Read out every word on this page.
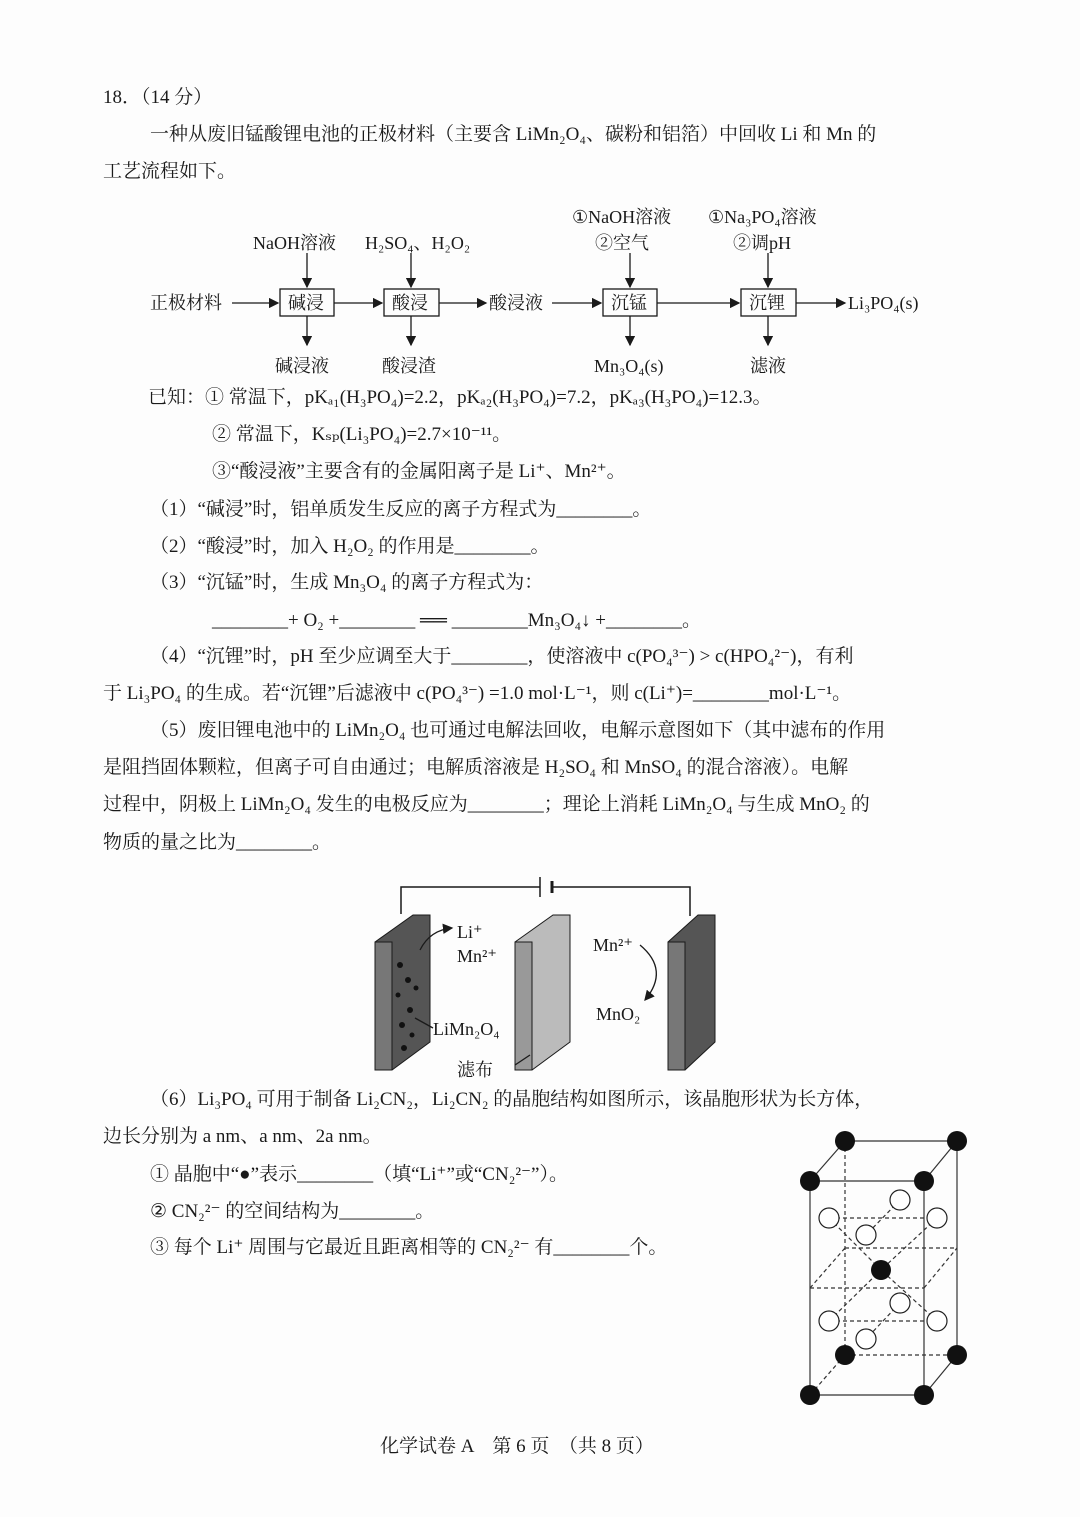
18．（14 分）
一种从废旧锰酸锂电池的正极材料（主要含 LiMn₂O₄、碳粉和铝箔）中回收 Li 和 Mn 的
工艺流程如下。
正极材料	碱浸	酸浸	酸浸液	沉锰	沉锂	Li₃PO₄(s)
NaOH溶液 H₂SO₄、H₂O₂
①NaOH溶液
②空气
①Na₃PO₄溶液
②调pH
碱浸液	酸浸渣	Mn₃O₄(s)	滤液
已知：① 常温下，pKₐ₁(H₃PO₄)=2.2，pKₐ₂(H₃PO₄)=7.2，pKₐ₃(H₃PO₄)=12.3。
② 常温下，Kₛₚ(Li₃PO₄)=2.7×10⁻¹¹。
③“酸浸液”主要含有的金属阳离子是 Li⁺、Mn²⁺。
（1）“碱浸”时，铝单质发生反应的离子方程式为________。
（2）“酸浸”时，加入 H₂O₂ 的作用是________。
（3）“沉锰”时，生成 Mn₃O₄ 的离子方程式为：
________+ O₂ +________ ══ ________Mn₃O₄↓ +________。
（4）“沉锂”时，pH 至少应调至大于________，使溶液中 c(PO₄³⁻) > c(HPO₄²⁻)，有利
于 Li₃PO₄ 的生成。若“沉锂”后滤液中 c(PO₄³⁻) =1.0 mol·L⁻¹，则 c(Li⁺)=________mol·L⁻¹。
（5）废旧锂电池中的 LiMn₂O₄ 也可通过电解法回收，电解示意图如下（其中滤布的作用
是阻挡固体颗粒，但离子可自由通过；电解质溶液是 H₂SO₄ 和 MnSO₄ 的混合溶液）。电解
过程中，阴极上 LiMn₂O₄ 发生的电极反应为________；理论上消耗 LiMn₂O₄ 与生成 MnO₂ 的
物质的量之比为________。
Li⁺
Mn²⁺
LiMn₂O₄
滤布
Mn²⁺
MnO₂
（6）Li₃PO₄ 可用于制备 Li₂CN₂，Li₂CN₂ 的晶胞结构如图所示，该晶胞形状为长方体，
边长分别为 a nm、a nm、2a nm。
① 晶胞中“●”表示________（填“Li⁺”或“CN₂²⁻”）。
② CN₂²⁻ 的空间结构为________。
③ 每个 Li⁺ 周围与它最近且距离相等的 CN₂²⁻ 有________个。
化学试卷 A　第 6 页　（共 8 页）
